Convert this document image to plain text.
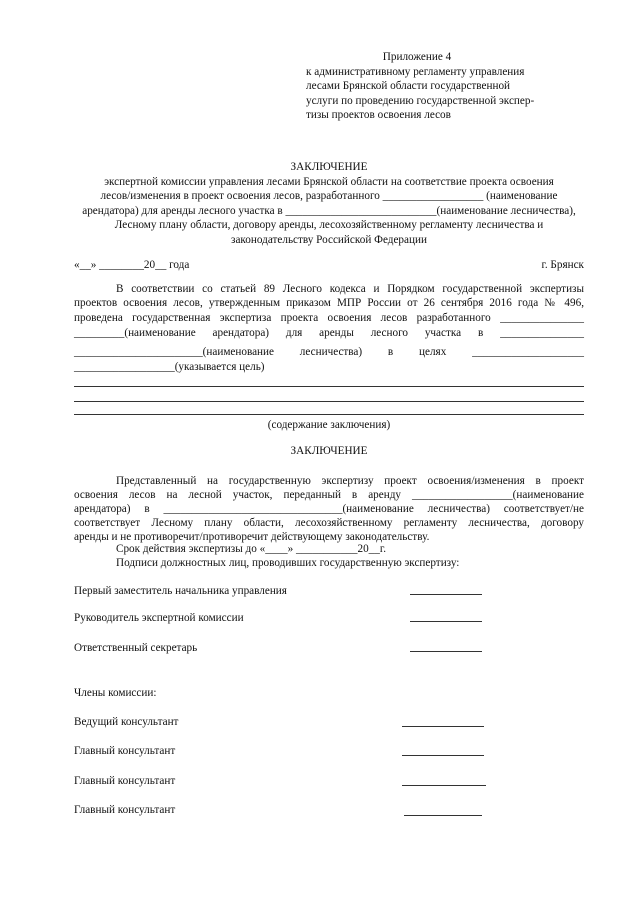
Приложение 4
к административному регламенту управления
лесами Брянской области государственной
услуги по проведению государственной экспер-
тизы проектов освоения лесов
ЗАКЛЮЧЕНИЕ
экспертной комиссии управления лесами Брянской области на соответствие проекта освоения
лесов/изменения в проект освоения лесов, разработанного __________________ (наименование
арендатора) для аренды лесного участка в ___________________________(наименование лесничества),
Лесному плану области, договору аренды, лесохозяйственному регламенту лесничества и
законодательству Российской Федерации
«__» ________20__ года	г. Брянск
В соответствии со статьей 89 Лесного кодекса и Порядком государственной экспертизы
проектов освоения лесов, утвержденным приказом МПР России от 26 сентября 2016 года № 496,
проведена государственная экспертиза проекта освоения лесов разработанного _______________
_________(наименование арендатора) для аренды лесного участка в _______________
_______________________(наименование лесничества) в целях ____________________
__________________(указывается цель)
(содержание заключения)
ЗАКЛЮЧЕНИЕ
Представленный на государственную экспертизу проект освоения/изменения в проект
освоения лесов на лесной участок, переданный в аренду __________________(наименование
арендатора) в ________________________________(наименование лесничества) соответствует/не
соответствует Лесному плану области, лесохозяйственному регламенту лесничества, договору
аренды и не противоречит/противоречит действующему законодательству.
Срок действия экспертизы до «____» ___________20__г.
Подписи должностных лиц, проводивших государственную экспертизу:
Первый заместитель начальника управления
Руководитель экспертной комиссии
Ответственный секретарь
Члены комиссии:
Ведущий консультант
Главный консультант
Главный консультант
Главный консультант
